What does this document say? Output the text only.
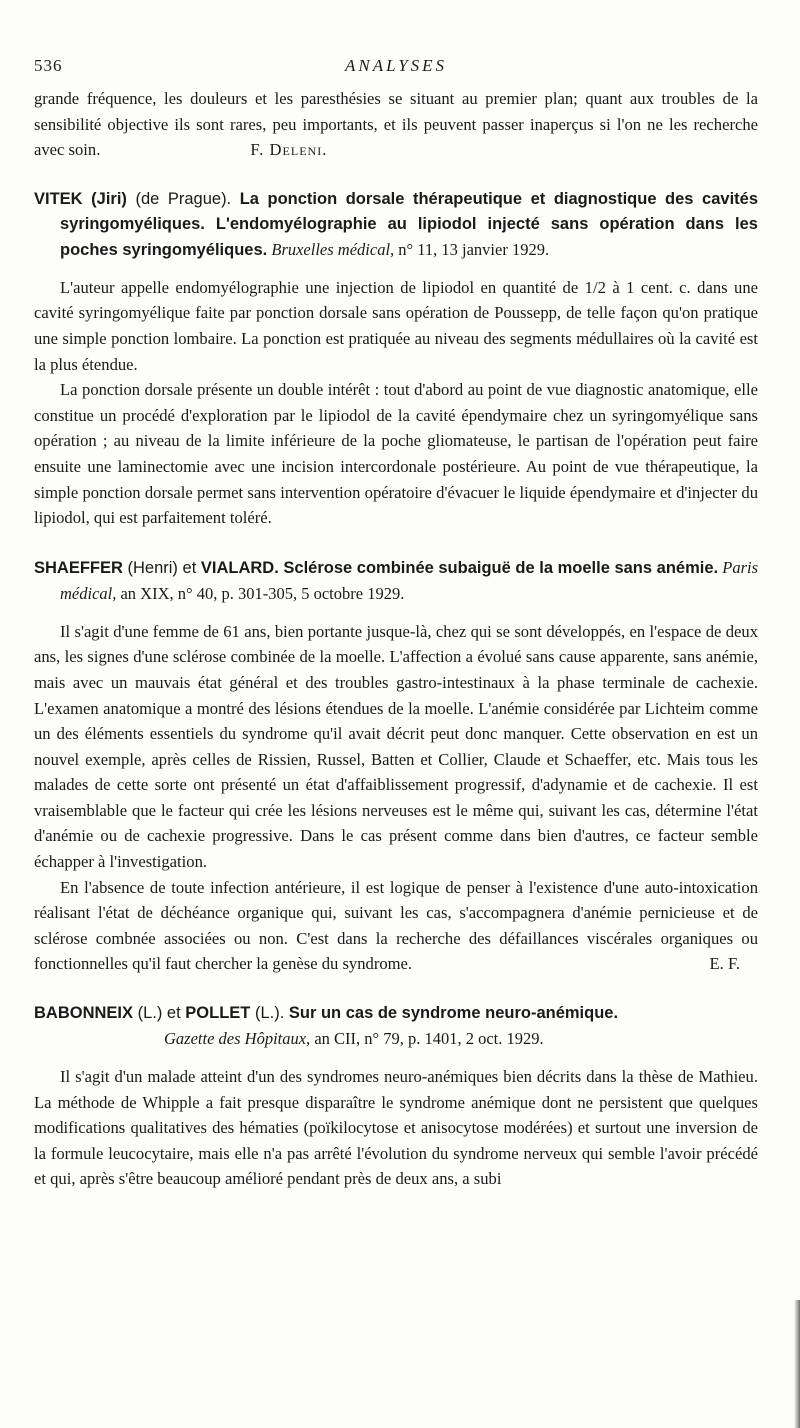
536	ANALYSES

grande fréquence, les douleurs et les paresthésies se situant au premier plan; quant aux troubles de la sensibilité objective ils sont rares, peu importants, et ils peuvent passer inaperçus si l'on ne les recherche avec soin.	F. Deleni.

VITEK (Jiri) (de Prague). La ponction dorsale thérapeutique et diagnostique des cavités syringomyéliques. L'endomyélographie au lipiodol injecté sans opération dans les poches syringomyéliques. Bruxelles médical, n° 11, 13 janvier 1929.

L'auteur appelle endomyélographie une injection de lipiodol en quantité de 1/2 à 1 cent. c. dans une cavité syringomyélique faite par ponction dorsale sans opération de Poussepp, de telle façon qu'on pratique une simple ponction lombaire. La ponction est pratiquée au niveau des segments médullaires où la cavité est la plus étendue.

La ponction dorsale présente un double intérêt : tout d'abord au point de vue diagnostic anatomique, elle constitue un procédé d'exploration par le lipiodol de la cavité épendymaire chez un syringomyélique sans opération ; au niveau de la limite inférieure de la poche gliomateuse, le partisan de l'opération peut faire ensuite une laminectomie avec une incision intercordonale postérieure. Au point de vue thérapeutique, la simple ponction dorsale permet sans intervention opératoire d'évacuer le liquide épendymaire et d'injecter du lipiodol, qui est parfaitement toléré.

SHAEFFER (Henri) et VIALARD. Sclérose combinée subaiguë de la moelle sans anémie. Paris médical, an XIX, n° 40, p. 301-305, 5 octobre 1929.

Il s'agit d'une femme de 61 ans, bien portante jusque-là, chez qui se sont développés, en l'espace de deux ans, les signes d'une sclérose combinée de la moelle. L'affection a évolué sans cause apparente, sans anémie, mais avec un mauvais état général et des troubles gastro-intestinaux à la phase terminale de cachexie. L'examen anatomique a montré des lésions étendues de la moelle. L'anémie considérée par Lichteim comme un des éléments essentiels du syndrome qu'il avait décrit peut donc manquer. Cette observation en est un nouvel exemple, après celles de Rissien, Russel, Batten et Collier, Claude et Schaeffer, etc. Mais tous les malades de cette sorte ont présenté un état d'affaiblissement progressif, d'adynamie et de cachexie. Il est vraisemblable que le facteur qui crée les lésions nerveuses est le même qui, suivant les cas, détermine l'état d'anémie ou de cachexie progressive. Dans le cas présent comme dans bien d'autres, ce facteur semble échapper à l'investigation.

En l'absence de toute infection antérieure, il est logique de penser à l'existence d'une auto-intoxication réalisant l'état de déchéance organique qui, suivant les cas, s'accompagnera d'anémie pernicieuse et de sclérose combnée associées ou non. C'est dans la recherche des défaillances viscérales organiques ou fonctionnelles qu'il faut chercher la genèse du syndrome.	E. F.

BABONNEIX (L.) et POLLET (L.). Sur un cas de syndrome neuro-anémique.
Gazette des Hôpitaux, an CII, n° 79, p. 1401, 2 oct. 1929.

Il s'agit d'un malade atteint d'un des syndromes neuro-anémiques bien décrits dans la thèse de Mathieu. La méthode de Whipple a fait presque disparaître le syndrome anémique dont ne persistent que quelques modifications qualitatives des hématies (poïkilocytose et anisocytose modérées) et surtout une inversion de la formule leucocytaire, mais elle n'a pas arrêté l'évolution du syndrome nerveux qui semble l'avoir précédé et qui, après s'être beaucoup amélioré pendant près de deux ans, a subi
